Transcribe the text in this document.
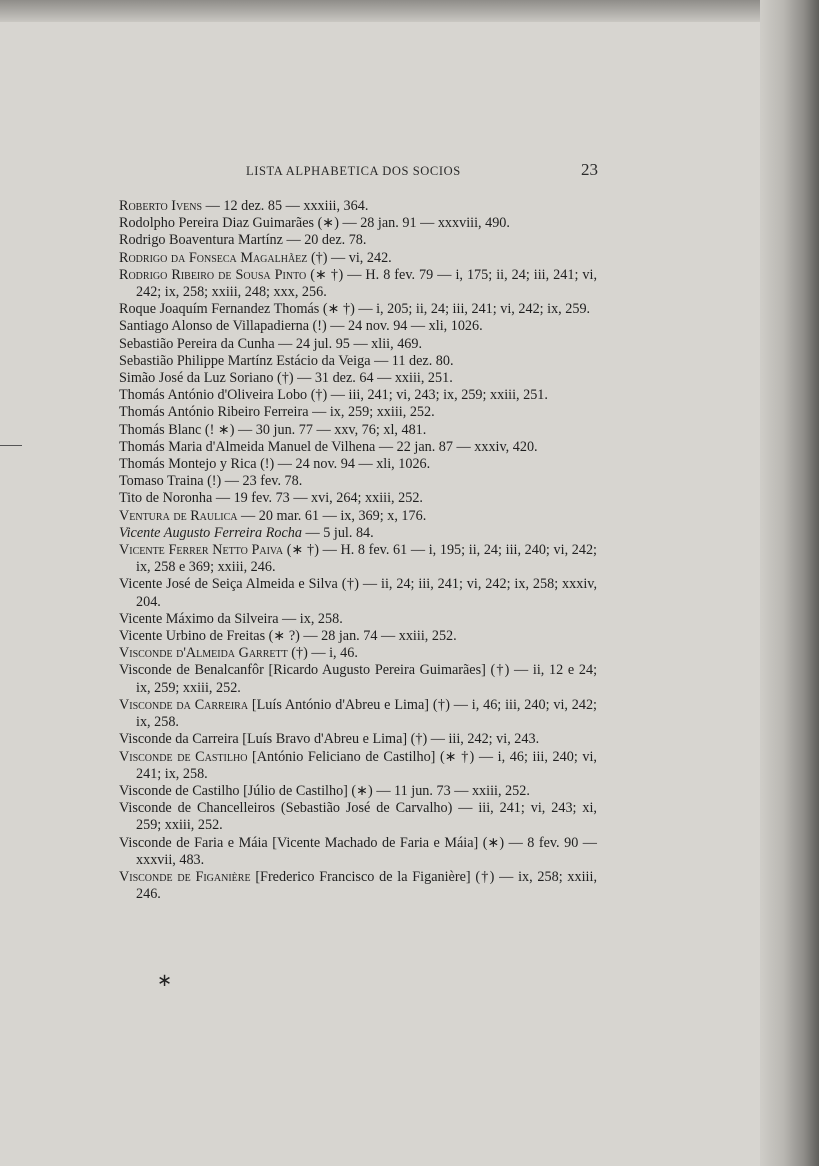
LISTA ALPHABETICA DOS SOCIOS	23

Roberto Ivens — 12 dez. 85 — xxxiii, 364.

Rodolpho Pereira Diaz Guimarães (∗) — 28 jan. 91 — xxxviii, 490.

Rodrigo Boaventura Martínz — 20 dez. 78.

Rodrigo da Fonseca Magalhãez (†) — vi, 242.

Rodrigo Ribeiro de Sousa Pinto (∗ †) — H. 8 fev. 79 — i, 175; ii, 24; iii, 241; vi, 242; ix, 258; xxiii, 248; xxx, 256.

Roque Joaquím Fernandez Thomás (∗ †) — i, 205; ii, 24; iii, 241; vi, 242; ix, 259.

Santiago Alonso de Villapadierna (!) — 24 nov. 94 — xli, 1026.

Sebastião Pereira da Cunha — 24 jul. 95 — xlii, 469.

Sebastião Philippe Martínz Estácio da Veiga — 11 dez. 80.

Simão José da Luz Soriano (†) — 31 dez. 64 — xxiii, 251.

Thomás António d'Oliveira Lobo (†) — iii, 241; vi, 243; ix, 259; xxiii, 251.

Thomás António Ribeiro Ferreira — ix, 259; xxiii, 252.

Thomás Blanc (! ∗) — 30 jun. 77 — xxv, 76; xl, 481.

Thomás Maria d'Almeida Manuel de Vilhena — 22 jan. 87 — xxxiv, 420.

Thomás Montejo y Rica (!) — 24 nov. 94 — xli, 1026.

Tomaso Traina (!) — 23 fev. 78.

Tito de Noronha — 19 fev. 73 — xvi, 264; xxiii, 252.

Ventura de Raulica — 20 mar. 61 — ix, 369; x, 176.

Vicente Augusto Ferreira Rocha — 5 jul. 84.

Vicente Ferrer Netto Paiva (∗ †) — H. 8 fev. 61 — i, 195; ii, 24; iii, 240; vi, 242; ix, 258 e 369; xxiii, 246.

Vicente José de Seiça Almeida e Silva (†) — ii, 24; iii, 241; vi, 242; ix, 258; xxxiv, 204.

Vicente Máximo da Silveira — ix, 258.

Vicente Urbino de Freitas (∗ ?) — 28 jan. 74 — xxiii, 252.

Visconde d'Almeida Garrett (†) — i, 46.

Visconde de Benalcanfôr [Ricardo Augusto Pereira Guimarães] (†) — ii, 12 e 24; ix, 259; xxiii, 252.

Visconde da Carreira [Luís António d'Abreu e Lima] (†) — i, 46; iii, 240; vi, 242; ix, 258.

Visconde da Carreira [Luís Bravo d'Abreu e Lima] (†) — iii, 242; vi, 243.

Visconde de Castilho [António Feliciano de Castilho] (∗ †) — i, 46; iii, 240; vi, 241; ix, 258.

Visconde de Castilho [Júlio de Castilho] (∗) — 11 jun. 73 — xxiii, 252.

Visconde de Chancelleiros (Sebastião José de Carvalho) — iii, 241; vi, 243; xi, 259; xxiii, 252.

Visconde de Faria e Máia [Vicente Machado de Faria e Máia] (∗) — 8 fev. 90 — xxxvii, 483.

Visconde de Figanière [Frederico Francisco de la Figanière] (†) — ix, 258; xxiii, 246.

∗
